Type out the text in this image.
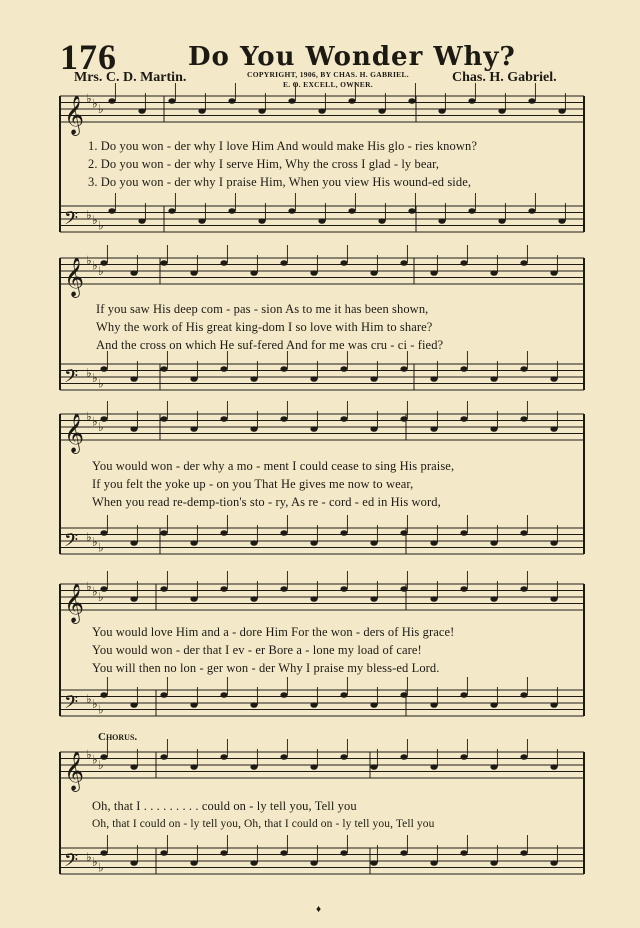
𝄞
𝄢
♭
♭
♭
♭
♭
♭
𝄞
𝄢
♭
♭
♭
♭
♭
♭
𝄞
𝄢
♭
♭
♭
♭
♭
♭
𝄞
𝄢
♭
♭
♭
♭
♭
♭
𝄞
𝄢
♭
♭
♭
♭
♭
♭
176	Do You Wonder Why?
Mrs. C. D. Martin.	COPYRIGHT, 1906, BY CHAS. H. GABRIEL.
E. O. EXCELL, OWNER.	Chas. H. Gabriel.
1. Do you won - der why I love Him And would make His glo - ries known?
2. Do you won - der why I serve Him, Why the cross I glad - ly bear,
3. Do you won - der why I praise Him, When you view His wound-ed side,
If you saw His deep com - pas - sion As to me it has been shown,
Why the work of His great king-dom I so love with Him to share?
And the cross on which He suf-fered And for me was cru - ci - fied?
You would won - der why a mo - ment I could cease to sing His praise,
If you felt the yoke up - on you That He gives me now to wear,
When you read re-demp-tion's sto - ry, As re - cord - ed in His word,
You would love Him and a - dore Him For the won - ders of His grace!
You would won - der that I ev - er Bore a - lone my load of care!
You will then no lon - ger won - der Why I praise my bless-ed Lord.
Chorus.
Oh, that I . . . . . . . . . could on - ly tell you, Tell you
Oh, that I could on - ly tell you, Oh, that I could on - ly tell you, Tell you
♦
